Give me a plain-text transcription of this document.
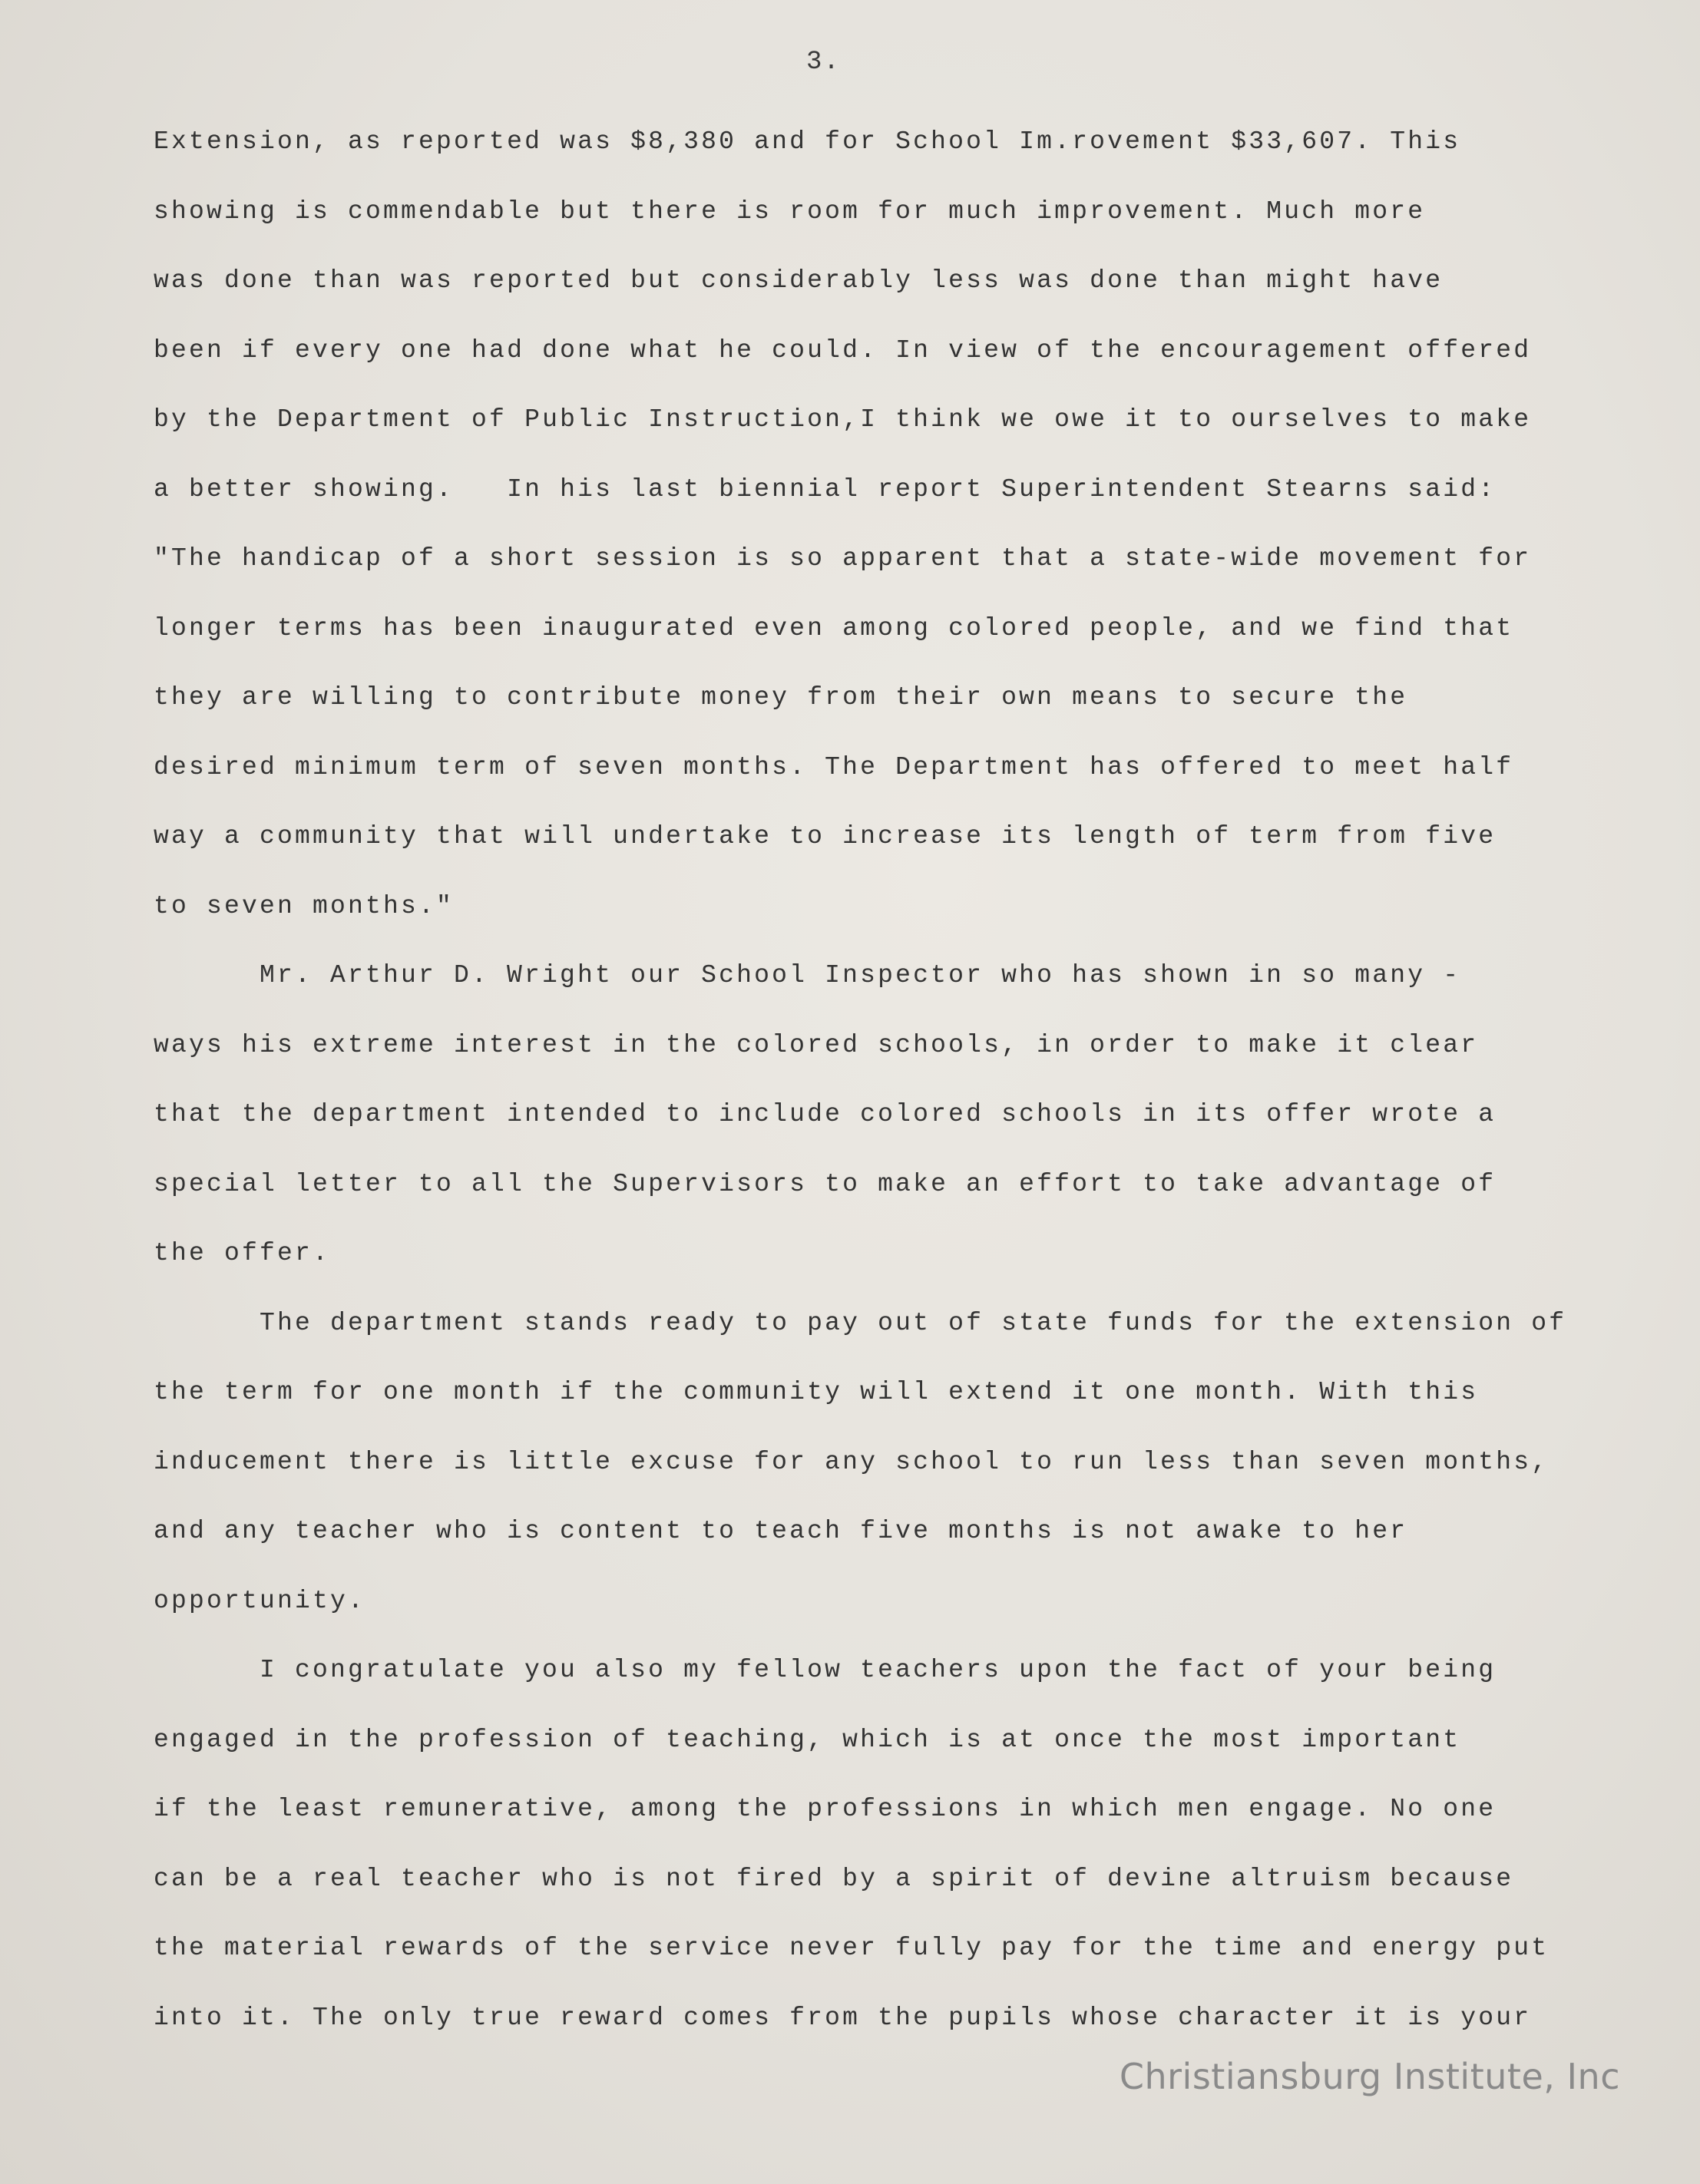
3.
Extension, as reported was $8,380 and for School Im.rovement $33,607. This
showing is commendable but there is room for much improvement. Much more
was done than was reported but considerably less was done than might have
been if every one had done what he could. In view of the encouragement offered
by the Department of Public Instruction,I think we owe it to ourselves to make
a better showing.   In his last biennial report Superintendent Stearns said:
"The handicap of a short session is so apparent that a state-wide movement for
longer terms has been inaugurated even among colored people, and we find that
they are willing to contribute money from their own means to secure the
desired minimum term of seven months. The Department has offered to meet half
way a community that will undertake to increase its length of term from five
to seven months."
Mr. Arthur D. Wright our School Inspector who has shown in so many -
ways his extreme interest in the colored schools, in order to make it clear
that the department intended to include colored schools in its offer wrote a
special letter to all the Supervisors to make an effort to take advantage of
the offer.
The department stands ready to pay out of state funds for the extension of
the term for one month if the community will extend it one month. With this
inducement there is little excuse for any school to run less than seven months,
and any teacher who is content to teach five months is not awake to her
opportunity.
I congratulate you also my fellow teachers upon the fact of your being
engaged in the profession of teaching, which is at once the most important
if the least remunerative, among the professions in which men engage. No one
can be a real teacher who is not fired by a spirit of devine altruism because
the material rewards of the service never fully pay for the time and energy put
into it. The only true reward comes from the pupils whose character it is your
Christiansburg Institute, Inc
